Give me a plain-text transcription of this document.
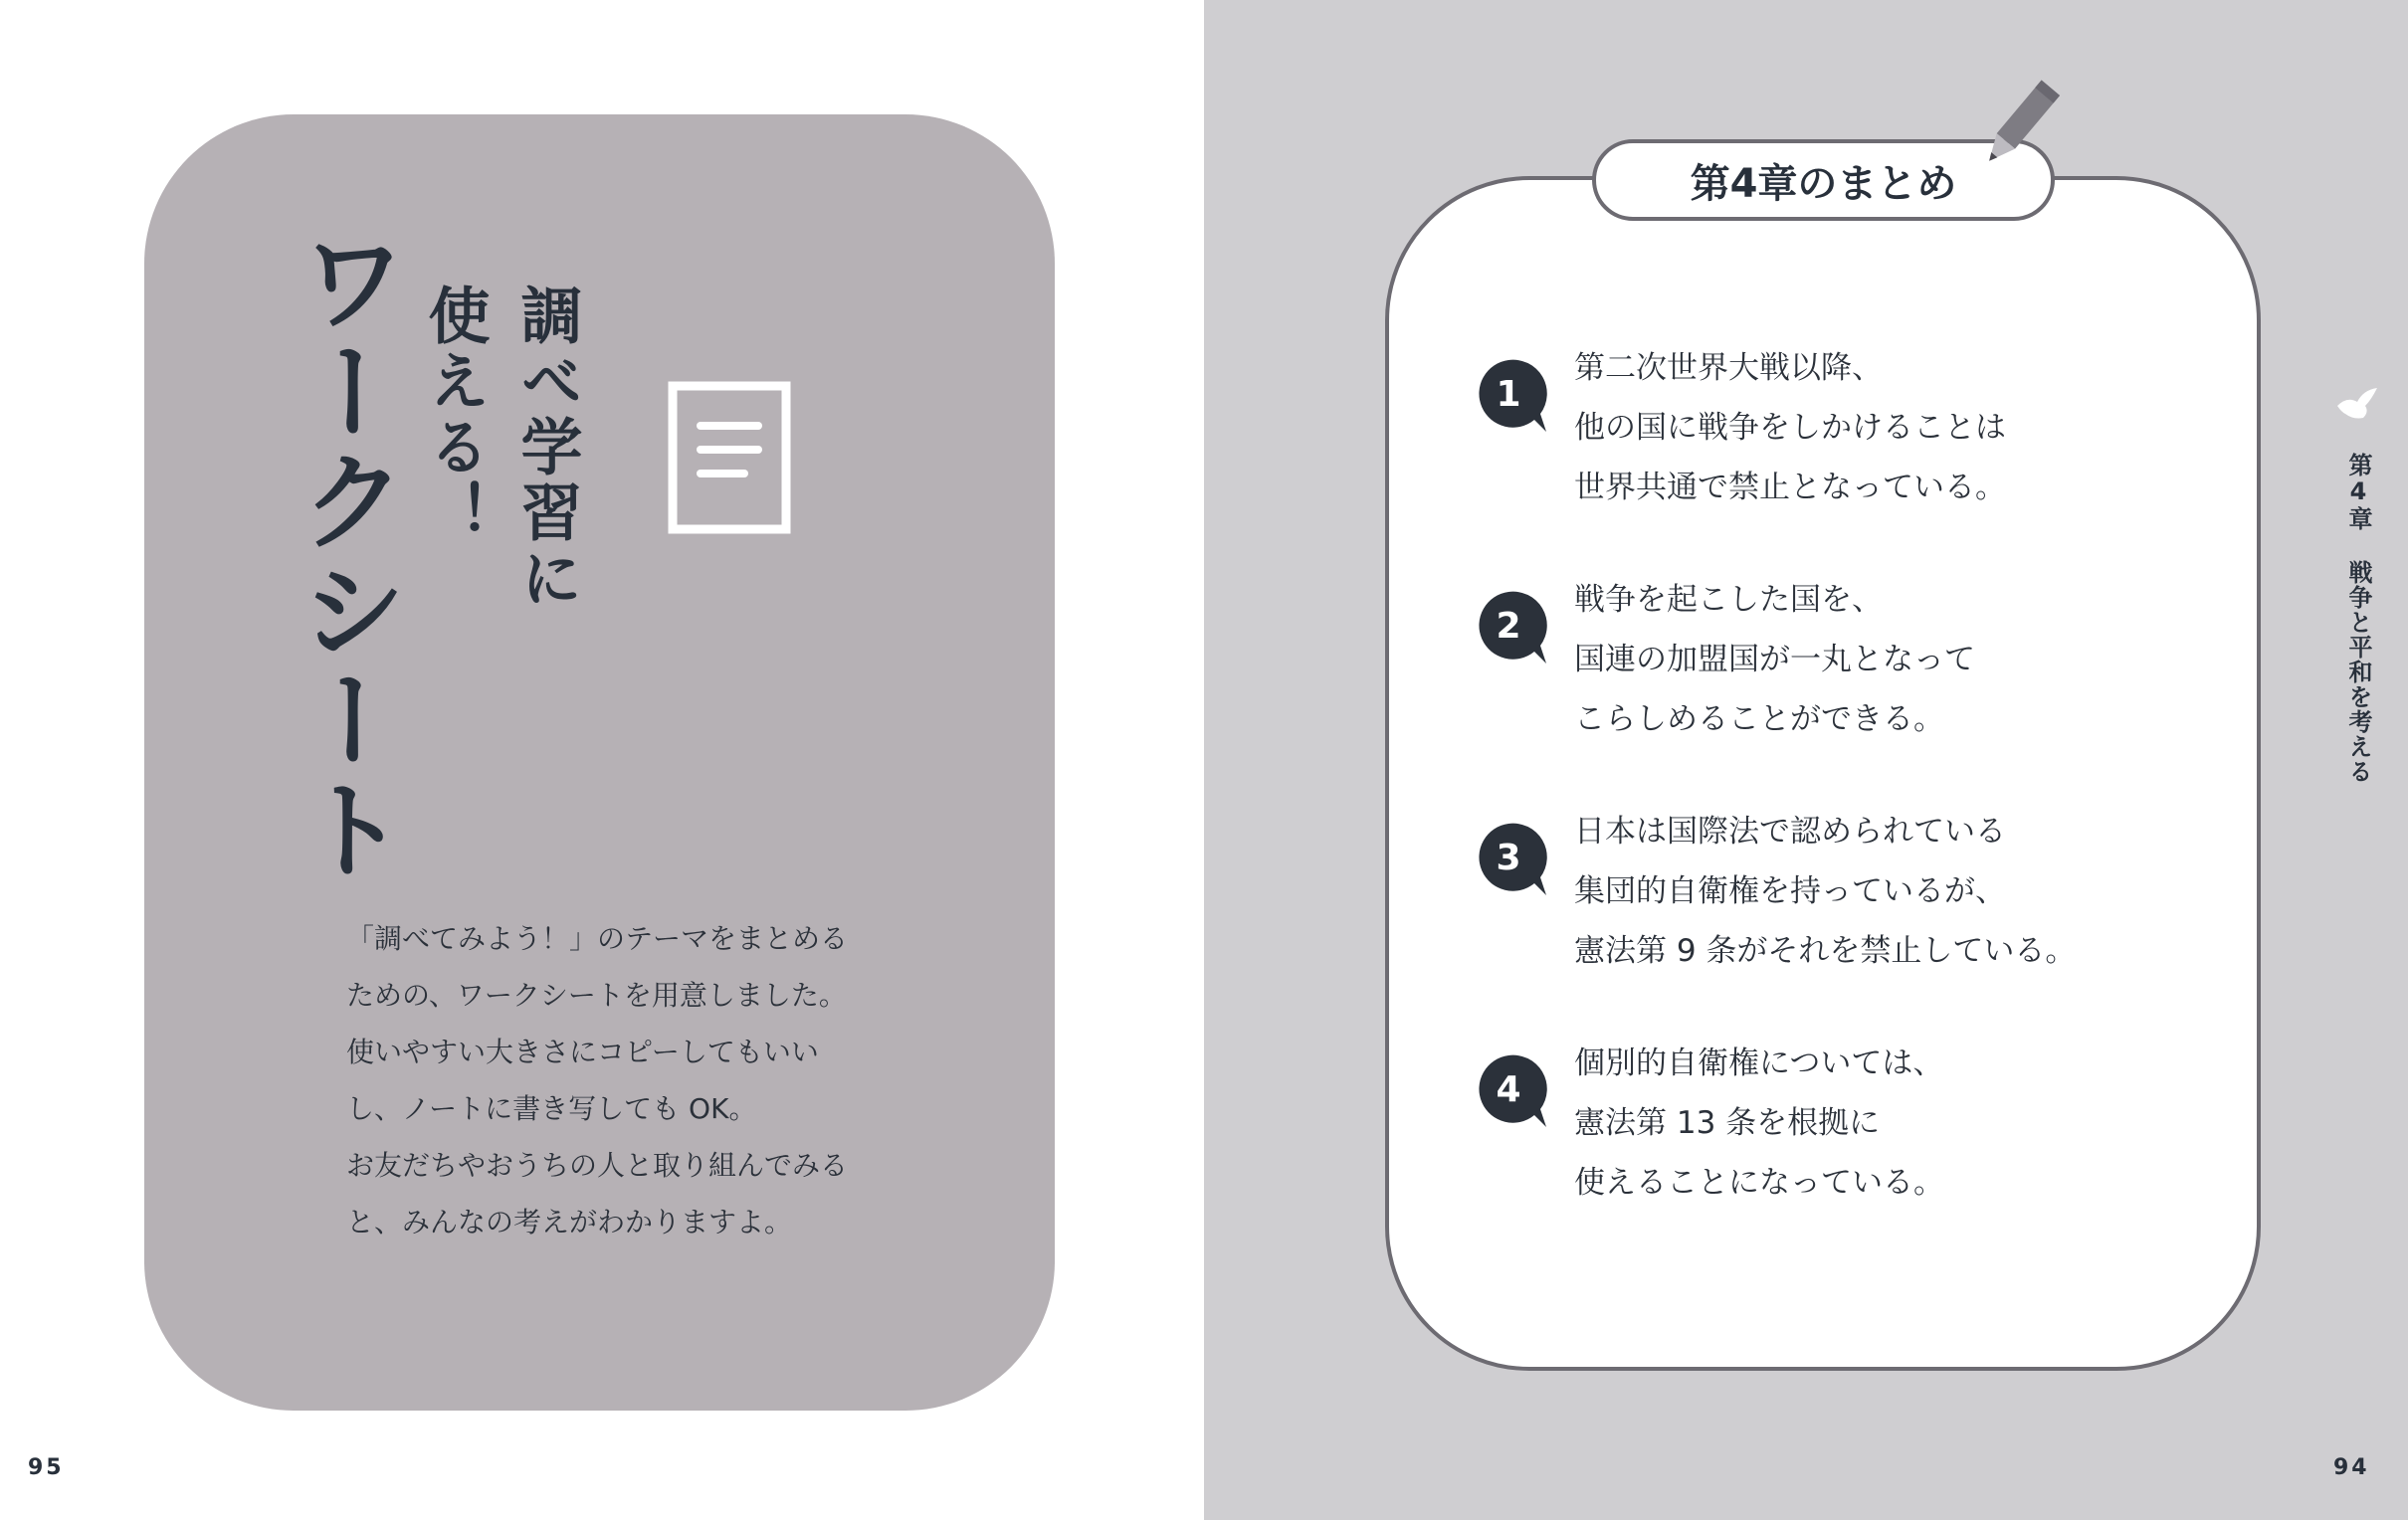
ワークシート 調べ学習に
使える！
「調べてみよう！」のテーマをまとめる
ための、ワークシートを用意しました。
使いやすい大きさにコピーしてもいい
し、ノートに書き写しても OK。
お友だちやおうちの人と取り組んでみる
と、みんなの考えがわかりますよ。
95
第4章のまとめ
1
第二次世界大戦以降、
他の国に戦争をしかけることは
世界共通で禁止となっている。
2
戦争を起こした国を、
国連の加盟国が一丸となって
こらしめることができる。
3
日本は国際法で認められている
集団的自衛権を持っているが、
憲法第 9 条がそれを禁止している。
4
個別的自衛権については、
憲法第 13 条を根拠に
使えることになっている。
第4章 戦争と平和を考える
94
